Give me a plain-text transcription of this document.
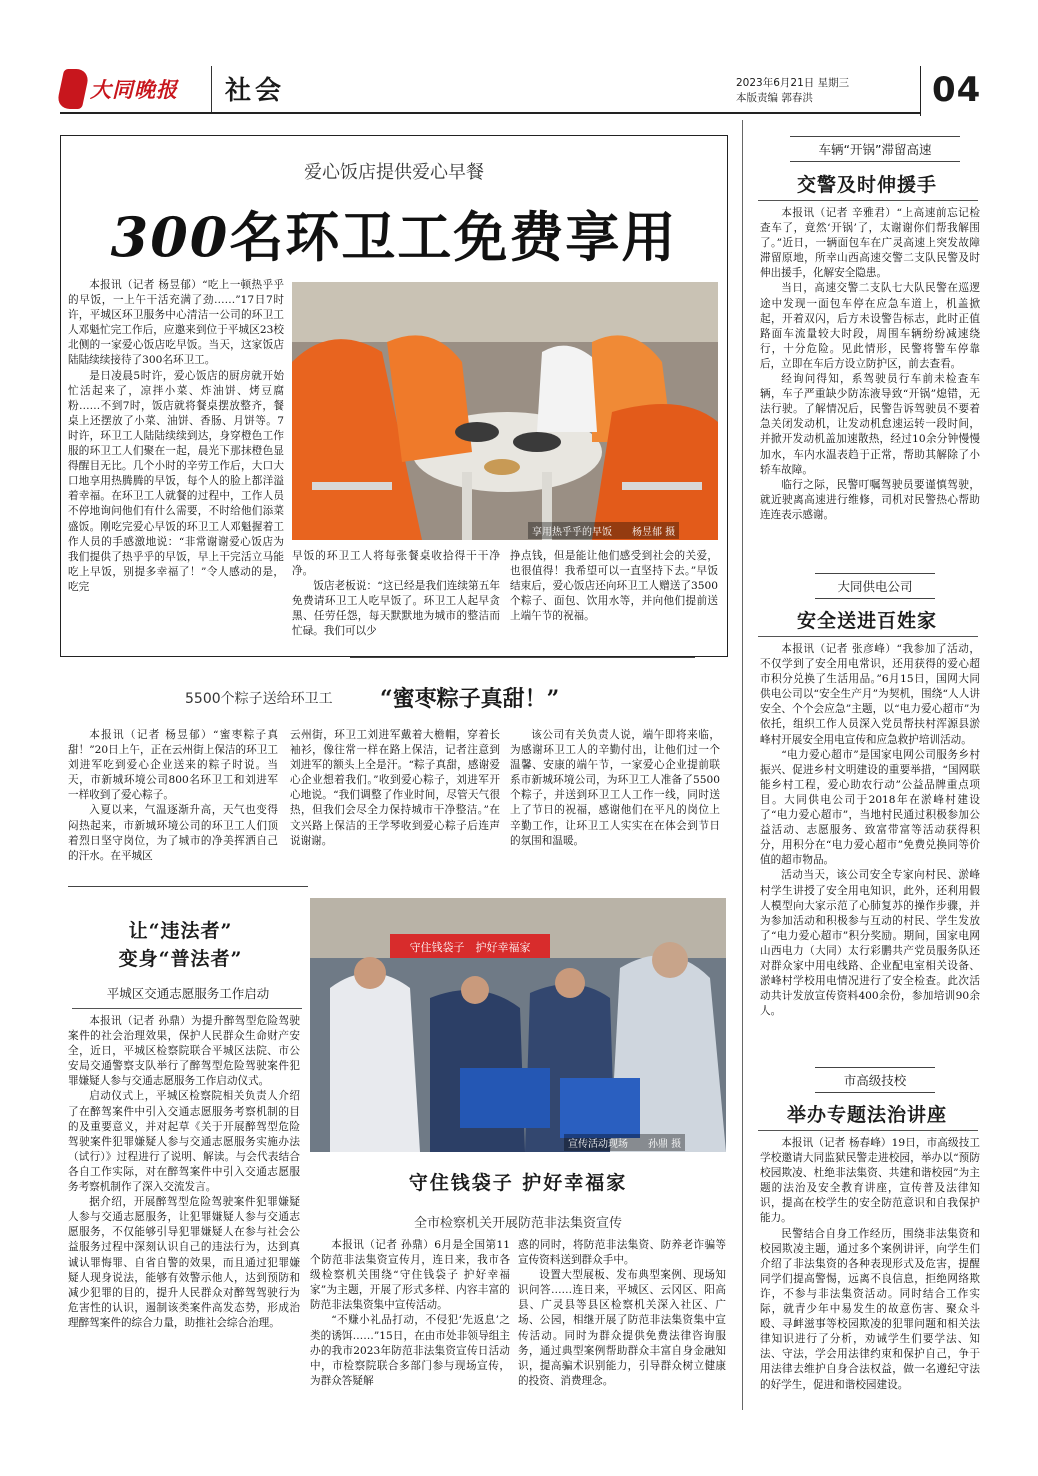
大同晚报 社会	2023年6月21日 星期三
本版责编 郭春洪	04
爱心饭店提供爱心早餐
300名环卫工免费享用

本报讯（记者 杨昱郁）“吃上一顿热乎乎的早饭，一上午干活充满了劲……”17日7时许，平城区环卫服务中心清洁一公司的环卫工人邓魁忙完工作后，应邀来到位于平城区23校北侧的一家爱心饭店吃早饭。当天，这家饭店陆陆续续接待了300名环卫工。

是日凌晨5时许，爱心饭店的厨房就开始忙活起来了，凉拌小菜、炸油饼、烤豆腐粉……不到7时，饭店就将餐桌摆放整齐，餐桌上还摆放了小菜、油饼、香肠、月饼等。7时许，环卫工人陆陆续续到达，身穿橙色工作服的环卫工人们聚在一起，晨光下那抹橙色显得醒目无比。几个小时的辛劳工作后，大口大口地享用热腾腾的早饭，每个人的脸上都洋溢着幸福。在环卫工人就餐的过程中，工作人员不停地询问他们有什么需要，不时给他们添菜盛饭。刚吃完爱心早饭的环卫工人邓魁握着工作人员的手感激地说：“非常谢谢爱心饭店为我们提供了热乎乎的早饭，早上干完活立马能吃上早饭，别提多幸福了！”令人感动的是，吃完

享用热乎乎的早饭　　杨昱郁 摄

早饭的环卫工人将每张餐桌收拾得干干净净。

饭店老板说：“这已经是我们连续第五年免费请环卫工人吃早饭了。环卫工人起早贪黑、任劳任怨，每天默默地为城市的整洁而忙碌。我们可以少

挣点钱，但是能让他们感受到社会的关爱，也很值得！我希望可以一直坚持下去。”早饭结束后，爱心饭店还向环卫工人赠送了3500个粽子、面包、饮用水等，并向他们提前送上端午节的祝福。

5500个粽子送给环卫工 “蜜枣粽子真甜！”

本报讯（记者 杨昱郁）“蜜枣粽子真甜！”20日上午，正在云州街上保洁的环卫工刘进军吃到爱心企业送来的粽子时说。当天，市新城环境公司800名环卫工和刘进军一样收到了爱心粽子。

入夏以来，气温逐渐升高，天气也变得闷热起来，市新城环境公司的环卫工人们顶着烈日坚守岗位，为了城市的净美挥洒自己的汗水。在平城区

云州街，环卫工刘进军戴着大檐帽，穿着长袖衫，像往常一样在路上保洁，记者注意到刘进军的额头上全是汗。“粽子真甜，感谢爱心企业想着我们。”收到爱心粽子，刘进军开心地说。“我们调整了作业时间，尽管天气很热，但我们会尽全力保持城市干净整洁。”在文兴路上保洁的王学琴收到爱心粽子后连声说谢谢。

该公司有关负责人说，端午即将来临，为感谢环卫工人的辛勤付出，让他们过一个温馨、安康的端午节，一家爱心企业提前联系市新城环境公司，为环卫工人准备了5500个粽子，并送到环卫工人工作一线，同时送上了节日的祝福，感谢他们在平凡的岗位上辛勤工作，让环卫工人实实在在体会到节日的氛围和温暖。

车辆“开锅”滞留高速
交警及时伸援手

本报讯（记者 辛雅君）“上高速前忘记检查车了，竟然‘开锅’了，太谢谢你们帮我解围了。”近日，一辆面包车在广灵高速上突发故障滞留原地，所幸山西高速交警二支队民警及时伸出援手，化解安全隐患。

当日，高速交警二支队七大队民警在巡逻途中发现一面包车停在应急车道上，机盖掀起，开着双闪，后方未设警告标志，此时正值路面车流量较大时段，周围车辆纷纷减速绕行，十分危险。见此情形，民警将警车停靠后，立即在车后方设立防护区，前去查看。

经询问得知，系驾驶员行车前未检查车辆，车子严重缺少防冻液导致“开锅”熄错，无法行驶。了解情况后，民警告诉驾驶员不要着急关闭发动机，让发动机怠速运转一段时间，并掀开发动机盖加速散热，经过10余分钟慢慢加水，车内水温表趋于正常，帮助其解除了小轿车故障。

临行之际，民警叮嘱驾驶员要谨慎驾驶，就近驶离高速进行维修，司机对民警热心帮助连连表示感谢。

大同供电公司
安全送进百姓家

本报讯（记者 张彦峰）“我参加了活动，不仅学到了安全用电常识，还用获得的爱心超市积分兑换了生活用品。”6月15日，国网大同供电公司以“安全生产月”为契机，围绕“人人讲安全、个个会应急”主题，以“电力爱心超市”为依托，组织工作人员深入党员帮扶村浑源县淤峰村开展安全用电宣传和应急救护培训活动。

“电力爱心超市”是国家电网公司服务乡村振兴、促进乡村文明建设的重要举措，“国网联能乡村工程，爱心助农行动”公益品牌重点项目。大同供电公司于2018年在淤峰村建设了“电力爱心超市”，当地村民通过积极参加公益活动、志愿服务、致富带富等活动获得积分，用积分在“电力爱心超市”免费兑换同等价值的超市物品。

活动当天，该公司安全专家向村民、淤峰村学生讲授了安全用电知识，此外，还利用假人模型向大家示范了心肺复苏的操作步骤，并为参加活动和积极参与互动的村民、学生发放了“电力爱心超市”积分奖励。期间，国家电网山西电力（大同）太行彩鹏共产党员服务队还对群众家中用电线路、企业配电室相关设备、淤峰村学校用电情况进行了安全检查。此次活动共计发放宣传资料400余份，参加培训90余人。

市高级技校
举办专题法治讲座

本报讯（记者 杨春峰）19日，市高级技工学校邀请大同监狱民警走进校园，举办以“预防校园欺凌、杜绝非法集资、共建和谐校园”为主题的法治及安全教育讲座，宣传普及法律知识，提高在校学生的安全防范意识和自我保护能力。

民警结合自身工作经历，围绕非法集资和校园欺凌主题，通过多个案例讲评，向学生们介绍了非法集资的各种表现形式及危害，提醒同学们提高警惕，远离不良信息，拒绝网络欺诈，不参与非法集资活动。同时结合工作实际，就青少年中易发生的故意伤害、聚众斗殴、寻衅滋事等校园欺凌的犯罪问题和相关法律知识进行了分析，劝诫学生们要学法、知法、守法，学会用法律约束和保护自己，争于用法律去维护自身合法权益，做一名遵纪守法的好学生，促进和谐校园建设。

让“违法者”
变身“普法者”
平城区交通志愿服务工作启动

本报讯（记者 孙鼎）为提升醉驾型危险驾驶案件的社会治理效果，保护人民群众生命财产安全，近日，平城区检察院联合平城区法院、市公安局交通警察支队举行了醉驾型危险驾驶案件犯罪嫌疑人参与交通志愿服务工作启动仪式。

启动仪式上，平城区检察院相关负责人介绍了在醉驾案件中引入交通志愿服务考察机制的目的及重要意义，并对起草《关于开展醉驾型危险驾驶案件犯罪嫌疑人参与交通志愿服务实施办法（试行）》过程进行了说明、解读。与会代表结合各自工作实际，对在醉驾案件中引入交通志愿服务考察机制作了深入交流发言。

据介绍，开展醉驾型危险驾驶案件犯罪嫌疑人参与交通志愿服务，让犯罪嫌疑人参与交通志愿服务，不仅能够引导犯罪嫌疑人在参与社会公益服务过程中深刻认识自己的违法行为，达到真诚认罪悔罪、自省自警的效果，而且通过犯罪嫌疑人现身说法，能够有效警示他人，达到预防和减少犯罪的目的，提升人民群众对醉驾驾驶行为危害性的认识，遏制该类案件高发态势，形成治理醉驾案件的综合力量，助推社会综合治理。

守住钱袋子　护好幸福家
宣传活动现场　　孙鼎 摄
守住钱袋子 护好幸福家
全市检察机关开展防范非法集资宣传

本报讯（记者 孙鼎）6月是全国第11个防范非法集资宣传月，连日来，我市各级检察机关围绕“守住钱袋子 护好幸福家”为主题，开展了形式多样、内容丰富的防范非法集资集中宣传活动。

“不赚小礼品打动，不侵犯‘先返息’之类的诱饵……”15日，在由市处非领导组主办的我市2023年防范非法集资宣传日活动中，市检察院联合多部门参与现场宣传，为群众答疑解

惑的同时，将防范非法集资、防养老诈骗等宣传资料送到群众手中。

设置大型展板、发布典型案例、现场知识问答……连日来，平城区、云冈区、阳高县、广灵县等县区检察机关深入社区、广场、公园，相继开展了防范非法集资集中宣传活动。同时为群众提供免费法律咨询服务，通过典型案例帮助群众丰富自身金融知识，提高骗术识别能力，引导群众树立健康的投资、消费理念。
